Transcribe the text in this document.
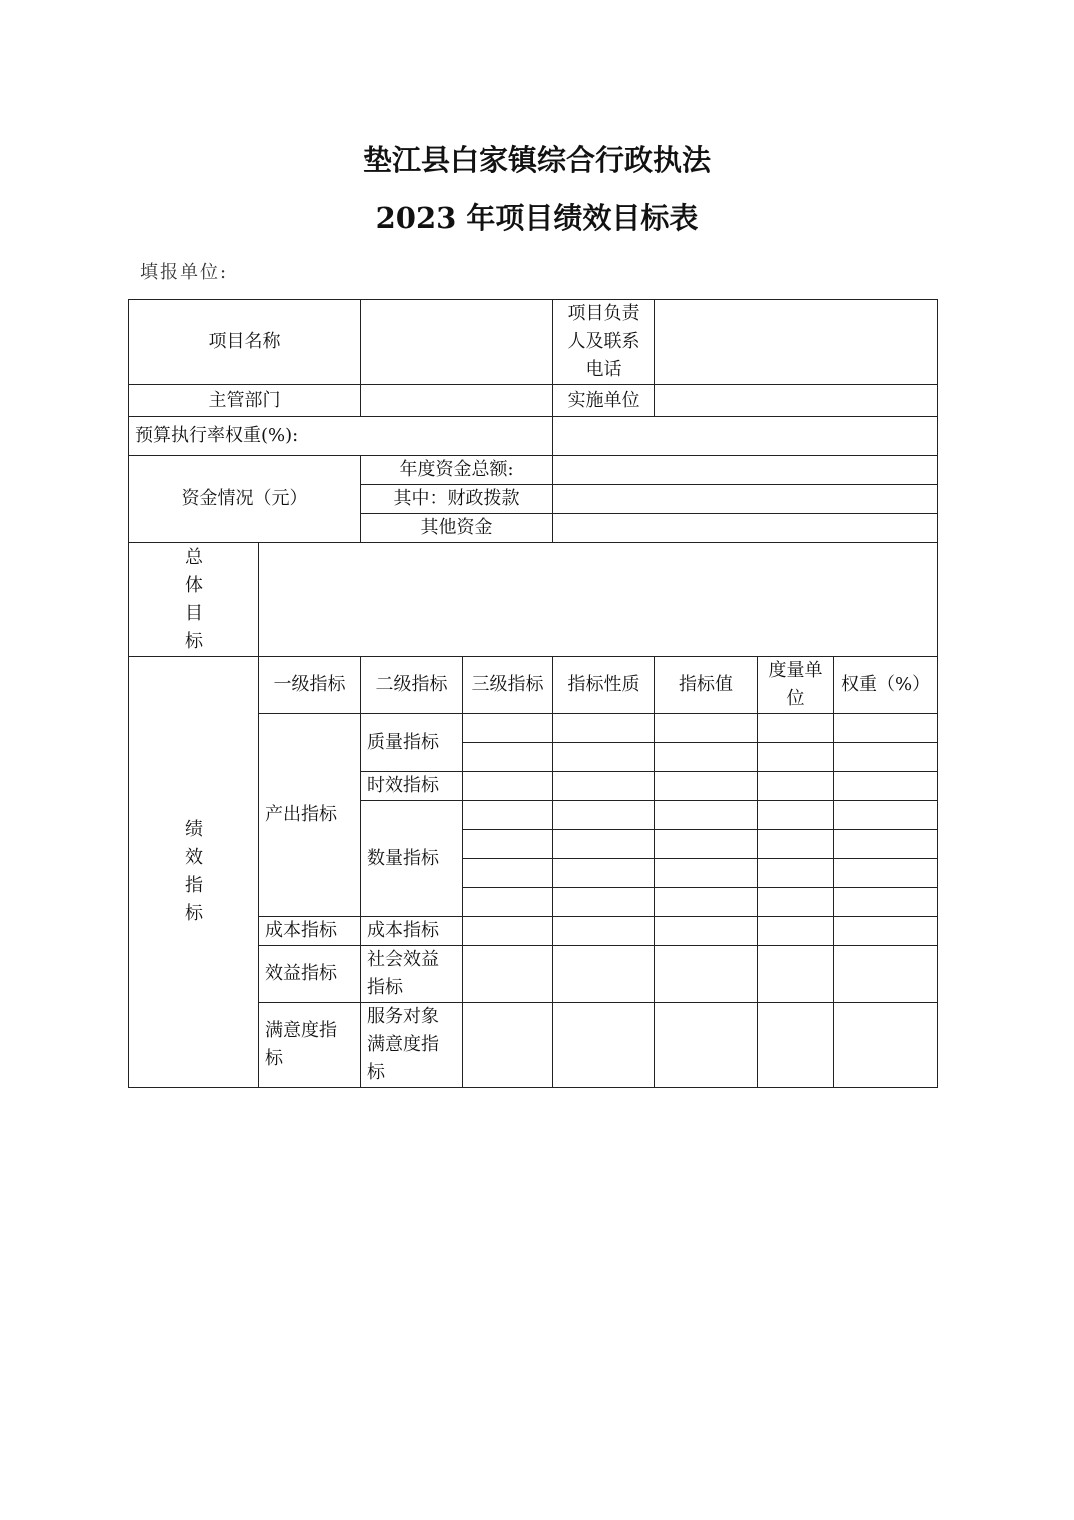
垫江县白家镇综合行政执法
2023 年项目绩效目标表
填报单位:
项目名称				项目负责人及联系电话				
主管部门				实施单位				
预算执行率权重(%):								
资金情况（元）		年度资金总额:						
		其中：财政拨款						
		其他资金						
总体目标								
绩效指标	一级指标	二级指标	三级指标	指标性质	指标值	度量单位	权重（%）	
	产出指标	质量指标						

		时效指标						
		数量指标						

	成本指标	成本指标						
	效益指标	社会效益指标						
	满意度指标	服务对象满意度指标						
